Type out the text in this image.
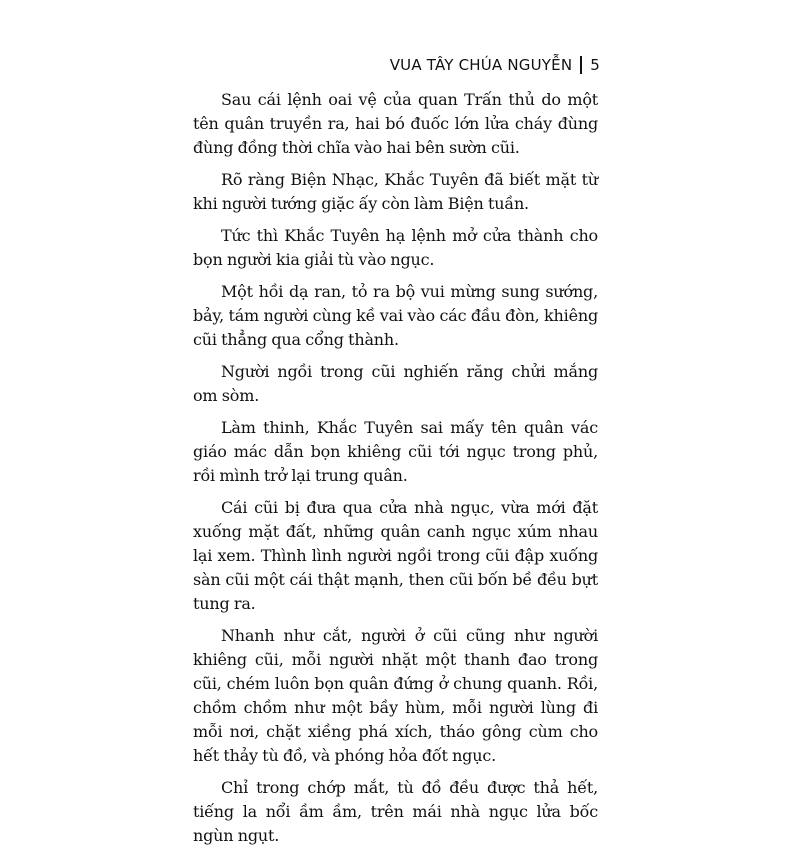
VUA TÂY CHÚA NGUYỄN 5

Sau cái lệnh oai vệ của quan Trấn thủ do một tên quân truyền ra, hai bó đuốc lớn lửa cháy đùng đùng đồng thời chĩa vào hai bên sườn cũi.

Rõ ràng Biện Nhạc, Khắc Tuyên đã biết mặt từ khi người tướng giặc ấy còn làm Biện tuần.

Tức thì Khắc Tuyên hạ lệnh mở cửa thành cho bọn người kia giải tù vào ngục.

Một hồi dạ ran, tỏ ra bộ vui mừng sung sướng, bảy, tám người cùng kề vai vào các đầu đòn, khiêng cũi thẳng qua cổng thành.

Người ngồi trong cũi nghiến răng chửi mắng om sòm.

Làm thinh, Khắc Tuyên sai mấy tên quân vác giáo mác dẫn bọn khiêng cũi tới ngục trong phủ, rồi mình trở lại trung quân.

Cái cũi bị đưa qua cửa nhà ngục, vừa mới đặt xuống mặt đất, những quân canh ngục xúm nhau lại xem. Thình lình người ngồi trong cũi đập xuống sàn cũi một cái thật mạnh, then cũi bốn bề đều bựt tung ra.

Nhanh như cắt, người ở cũi cũng như người khiêng cũi, mỗi người nhặt một thanh đao trong cũi, chém luôn bọn quân đứng ở chung quanh. Rồi, chồm chồm như một bầy hùm, mỗi người lùng đi mỗi nơi, chặt xiềng phá xích, tháo gông cùm cho hết thảy tù đồ, và phóng hỏa đốt ngục.

Chỉ trong chớp mắt, tù đồ đều được thả hết, tiếng la nổi ầm ầm, trên mái nhà ngục lửa bốc ngùn ngụt.
